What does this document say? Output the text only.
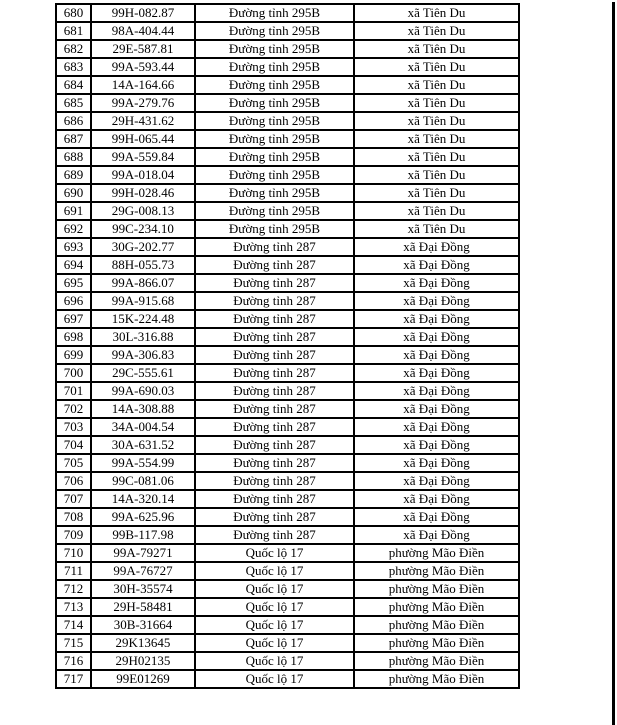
680	99H-082.87	Đường tỉnh 295B	xã Tiên Du
681	98A-404.44	Đường tỉnh 295B	xã Tiên Du
682	29E-587.81	Đường tỉnh 295B	xã Tiên Du
683	99A-593.44	Đường tỉnh 295B	xã Tiên Du
684	14A-164.66	Đường tỉnh 295B	xã Tiên Du
685	99A-279.76	Đường tỉnh 295B	xã Tiên Du
686	29H-431.62	Đường tỉnh 295B	xã Tiên Du
687	99H-065.44	Đường tỉnh 295B	xã Tiên Du
688	99A-559.84	Đường tỉnh 295B	xã Tiên Du
689	99A-018.04	Đường tỉnh 295B	xã Tiên Du
690	99H-028.46	Đường tỉnh 295B	xã Tiên Du
691	29G-008.13	Đường tỉnh 295B	xã Tiên Du
692	99C-234.10	Đường tỉnh 295B	xã Tiên Du
693	30G-202.77	Đường tỉnh 287	xã Đại Đồng
694	88H-055.73	Đường tỉnh 287	xã Đại Đồng
695	99A-866.07	Đường tỉnh 287	xã Đại Đồng
696	99A-915.68	Đường tỉnh 287	xã Đại Đồng
697	15K-224.48	Đường tỉnh 287	xã Đại Đồng
698	30L-316.88	Đường tỉnh 287	xã Đại Đồng
699	99A-306.83	Đường tỉnh 287	xã Đại Đồng
700	29C-555.61	Đường tỉnh 287	xã Đại Đồng
701	99A-690.03	Đường tỉnh 287	xã Đại Đồng
702	14A-308.88	Đường tỉnh 287	xã Đại Đồng
703	34A-004.54	Đường tỉnh 287	xã Đại Đồng
704	30A-631.52	Đường tỉnh 287	xã Đại Đồng
705	99A-554.99	Đường tỉnh 287	xã Đại Đồng
706	99C-081.06	Đường tỉnh 287	xã Đại Đồng
707	14A-320.14	Đường tỉnh 287	xã Đại Đồng
708	99A-625.96	Đường tỉnh 287	xã Đại Đồng
709	99B-117.98	Đường tỉnh 287	xã Đại Đồng
710	99A-79271	Quốc lộ 17	phường Mão Điền
711	99A-76727	Quốc lộ 17	phường Mão Điền
712	30H-35574	Quốc lộ 17	phường Mão Điền
713	29H-58481	Quốc lộ 17	phường Mão Điền
714	30B-31664	Quốc lộ 17	phường Mão Điền
715	29K13645	Quốc lộ 17	phường Mão Điền
716	29H02135	Quốc lộ 17	phường Mão Điền
717	99E01269	Quốc lộ 17	phường Mão Điền
